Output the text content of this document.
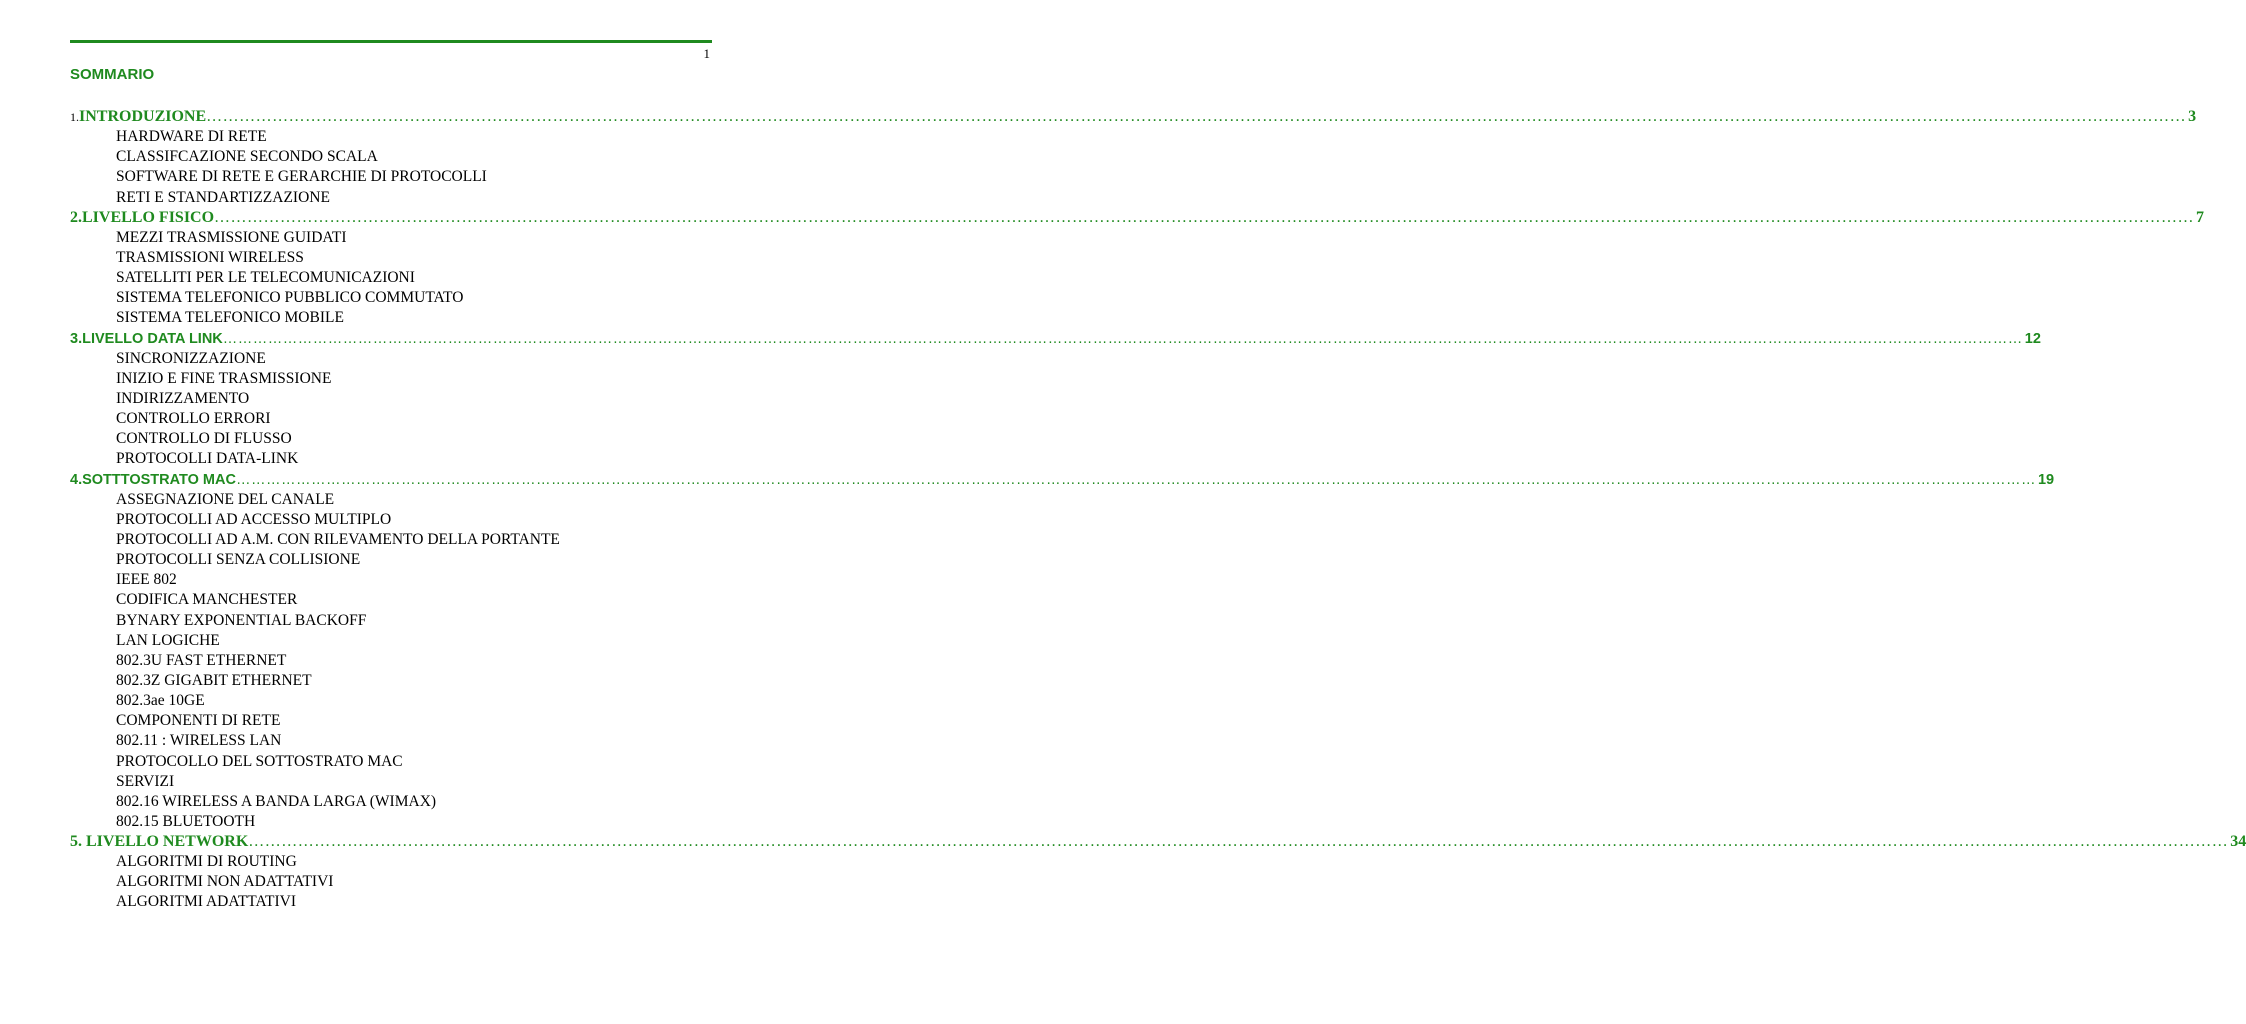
1
SOMMARIO
1. INTRODUZIONE ……………………………………………………………………………………………………………………………………………………………………………………………………………………………………………………………………………………………………………………………… 3
HARDWARE DI RETE
CLASSIFCAZIONE SECONDO SCALA
SOFTWARE DI RETE E GERARCHIE DI PROTOCOLLI
RETI E STANDARTIZZAZIONE
2.LIVELLO FISICO ……………………………………………………………………………………………………………………………………………………………………………………………………………………………………………………………………………………………………………………………… 7
MEZZI TRASMISSIONE GUIDATI
TRASMISSIONI WIRELESS
SATELLITI PER LE TELECOMUNICAZIONI
SISTEMA TELEFONICO PUBBLICO COMMUTATO
SISTEMA TELEFONICO MOBILE
3.LIVELLO DATA LINK ……………………………………………………………………………………………………………………………………………………………………………………………………………………………………………………………………………………………………………………………… 12
SINCRONIZZAZIONE
INIZIO E FINE TRASMISSIONE
INDIRIZZAMENTO
CONTROLLO ERRORI
CONTROLLO DI FLUSSO
PROTOCOLLI DATA-LINK
4.SOTTTOSTRATO MAC ……………………………………………………………………………………………………………………………………………………………………………………………………………………………………………………………………………………………………………………………… 19
ASSEGNAZIONE DEL CANALE
PROTOCOLLI AD ACCESSO MULTIPLO
PROTOCOLLI AD A.M. CON RILEVAMENTO DELLA PORTANTE
PROTOCOLLI SENZA COLLISIONE
IEEE 802
CODIFICA MANCHESTER
BYNARY EXPONENTIAL BACKOFF
LAN LOGICHE
802.3U FAST ETHERNET
802.3Z GIGABIT ETHERNET
802.3ae 10GE
COMPONENTI DI RETE
802.11 : WIRELESS LAN
PROTOCOLLO DEL SOTTOSTRATO MAC
SERVIZI
802.16 WIRELESS A BANDA LARGA (WIMAX)
802.15 BLUETOOTH
5. LIVELLO NETWORK ……………………………………………………………………………………………………………………………………………………………………………………………………………………………………………………………………………………………………………………………… 34
ALGORITMI DI ROUTING
ALGORITMI NON ADATTATIVI
ALGORITMI ADATTATIVI
